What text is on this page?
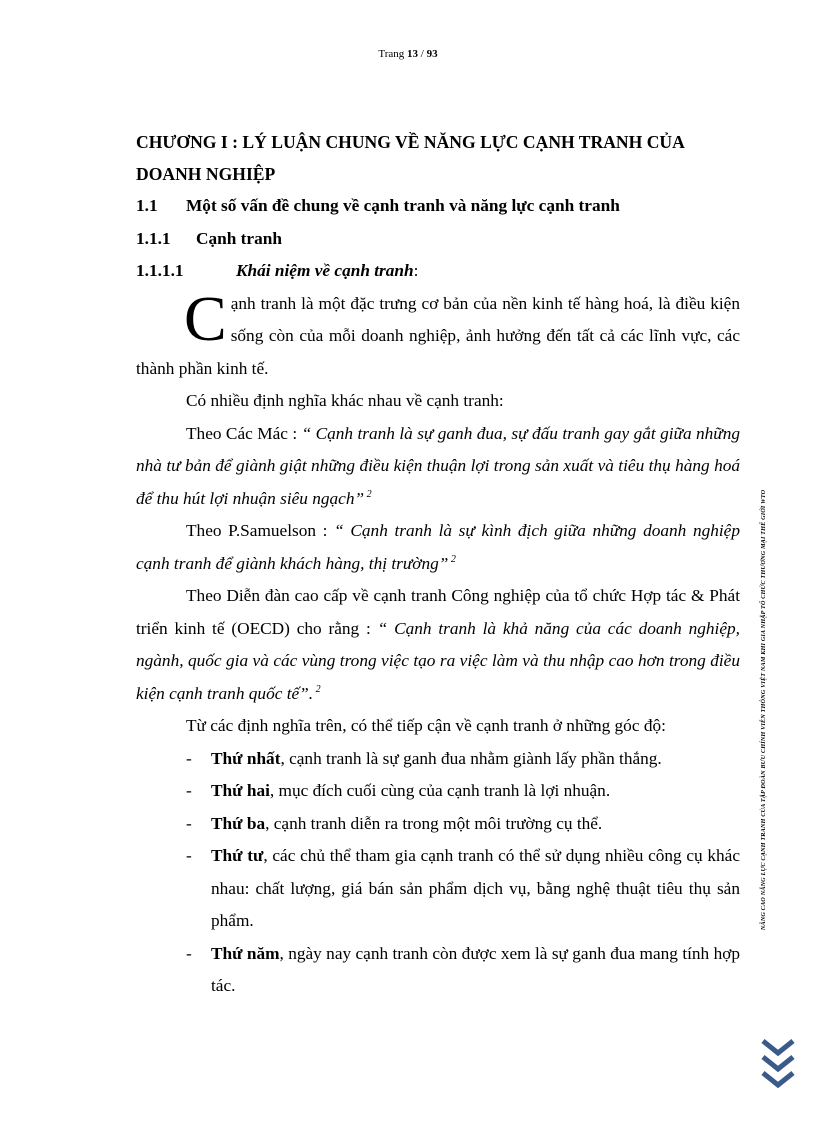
Trang 13 / 93
CHƯƠNG I : LÝ LUẬN CHUNG VỀ NĂNG LỰC CẠNH TRANH CỦA
DOANH NGHIỆP
1.1 Một số vấn đề chung về cạnh tranh và năng lực cạnh tranh
1.1.1 Cạnh tranh
1.1.1.1	Khái niệm về cạnh tranh:

Cạnh tranh là một đặc trưng cơ bản của nền kinh tế hàng hoá, là điều kiện sống còn của mỗi doanh nghiệp, ảnh hưởng đến tất cả các lĩnh vực, các thành phần kinh tế.

Có nhiều định nghĩa khác nhau về cạnh tranh:

Theo Các Mác : “ Cạnh tranh là sự ganh đua, sự đấu tranh gay gắt giữa những nhà tư bản để giành giật những điều kiện thuận lợi trong sản xuất và tiêu thụ hàng hoá để thu hút lợi nhuận siêu ngạch” $^2$

Theo P.Samuelson : “ Cạnh tranh là sự kình địch giữa những doanh nghiệp cạnh tranh để giành khách hàng, thị trường” $^2$

Theo Diễn đàn cao cấp về cạnh tranh Công nghiệp của tổ chức Hợp tác & Phát triển kinh tế (OECD) cho rằng : “ Cạnh tranh là khả năng của các doanh nghiệp, ngành, quốc gia và các vùng trong việc tạo ra việc làm và thu nhập cao hơn trong điều kiện cạnh tranh quốc tế”. $^2$

Từ các định nghĩa trên, có thể tiếp cận về cạnh tranh ở những góc độ:

- Thứ nhất, cạnh tranh là sự ganh đua nhằm giành lấy phần thắng.
- Thứ hai, mục đích cuối cùng của cạnh tranh là lợi nhuận.
- Thứ ba, cạnh tranh diễn ra trong một môi trường cụ thể.
- Thứ tư, các chủ thể tham gia cạnh tranh có thể sử dụng nhiều công cụ khác nhau: chất lượng, giá bán sản phẩm dịch vụ, bằng nghệ thuật tiêu thụ sản phẩm.
- Thứ năm, ngày nay cạnh tranh còn được xem là sự ganh đua mang tính hợp tác.
NÂNG CAO NĂNG LỰC CẠNH TRANH CỦA TẬP ĐOÀN BƯU CHÍNH VIỄN THÔNG VIỆT NAM KHI GIA NHẬP TỔ CHỨC THƯƠNG MẠI THẾ GIỚI WTO
